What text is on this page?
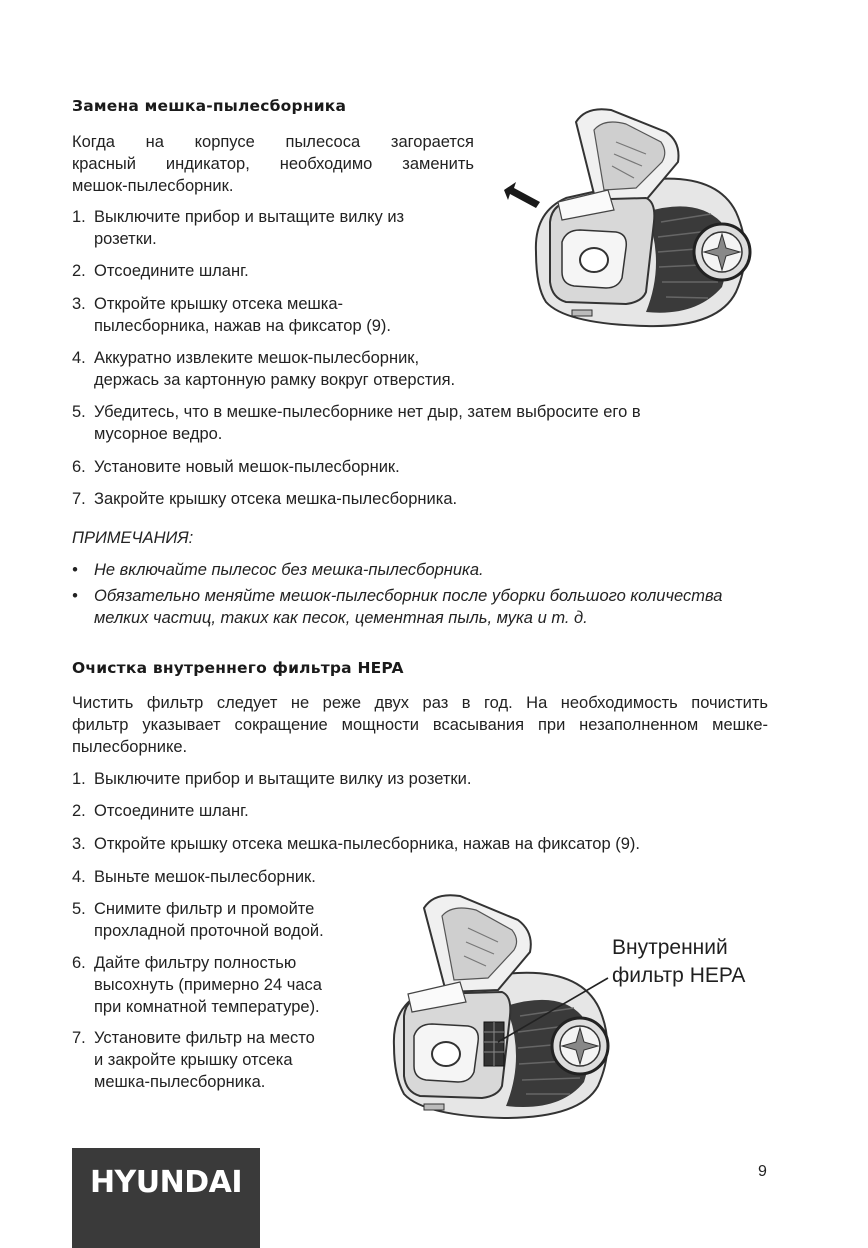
Замена мешка-пылесборника

Когда на корпусе пылесоса загорается
красный индикатор, необходимо заменить
мешок-пылесборник.

1. Выключите прибор и вытащите вилку из
розетки.
2. Отсоедините шланг.
3. Откройте крышку отсека мешка-
пылесборника, нажав на фиксатор (9).
4. Аккуратно извлеките мешок-пылесборник,
держась за картонную рамку вокруг отверстия.
5. Убедитесь, что в мешке-пылесборнике нет дыр, затем выбросите его в
мусорное ведро.
6. Установите новый мешок-пылесборник.
7. Закройте крышку отсека мешка-пылесборника.
ПРИМЕЧАНИЯ:
• Не включайте пылесос без мешка-пылесборника.
• Обязательно меняйте мешок-пылесборник после уборки большого количества
мелких частиц, таких как песок, цементная пыль, мука и т. д.
Очистка внутреннего фильтра HEPA

Чистить фильтр следует не реже двух раз в год. На необходимость почистить
фильтр указывает сокращение мощности всасывания при незаполненном мешке-
пылесборнике.

1. Выключите прибор и вытащите вилку из розетки.
2. Отсоедините шланг.
3. Откройте крышку отсека мешка-пылесборника, нажав на фиксатор (9).
4. Выньте мешок-пылесборник.
5. Снимите фильтр и промойте
прохладной проточной водой.
6. Дайте фильтру полностью
высохнуть (примерно 24 часа
при комнатной температуре).
7. Установите фильтр на место
и закройте крышку отсека
мешка-пылесборника.
Внутренний
фильтр HEPA
HYUNDAI	9
